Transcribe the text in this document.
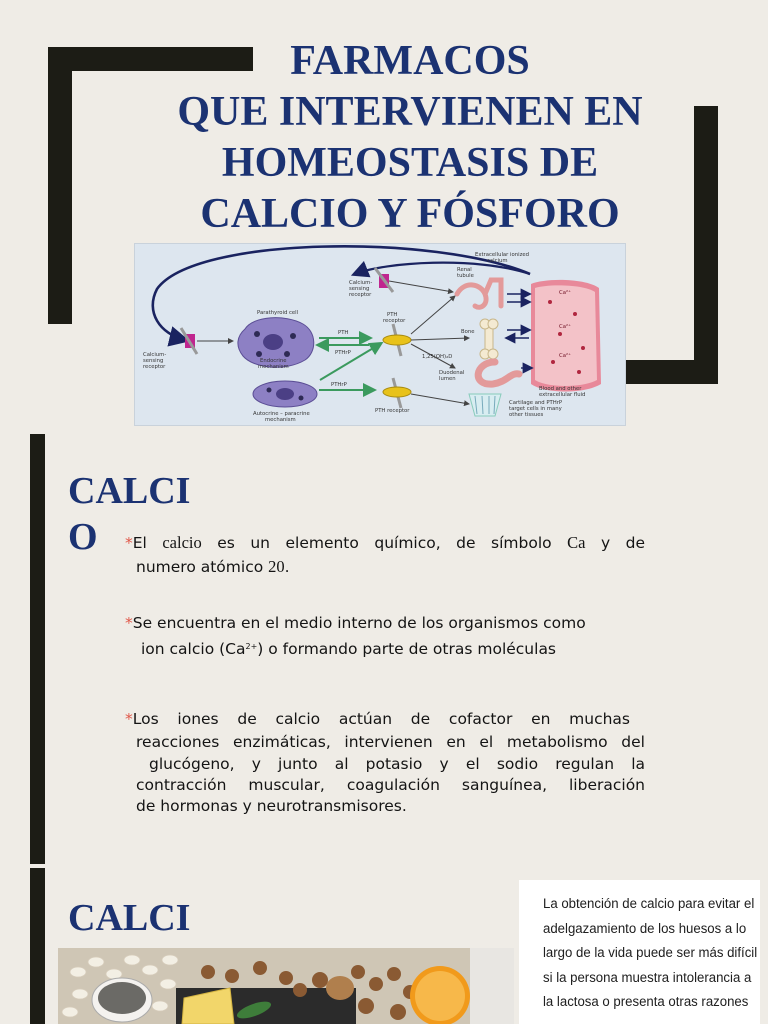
FARMACOS
QUE INTERVIENEN EN
HOMEOSTASIS DE
CALCIO Y FÓSFORO
Extracellular ionized calcium
Calcium-sensing receptor
Calcium-sensing receptor
Renal tubule
Parathyroid cell
Endocrine mechanism
PTH
PTHrP
PTH receptor
Bone
1,25(OH)₂D
Duodenal lumen
PTHrP
Autocrine – paracrine mechanism
PTH receptor
Blood and other extracellular fluid
Cartilage and PTHrP target cells in many other tissues
Ca²⁺
Ca²⁺
Ca²⁺
CALCI
O	*El calcio es un elemento químico, de símbolo Ca y de

numero atómico 20.

*Se encuentra en el medio interno de los organismos como

ion calcio $(Ca^{2+})$ o formando parte de otras moléculas

*Los iones de calcio actúan de cofactor en muchas

reacciones enzimáticas, intervienen en el metabolismo del

glucógeno, y junto al potasio y el sodio regulan la

contracción muscular, coagulación sanguínea, liberación

de hormonas y neurotransmisores.

CALCI	La obtención de calcio para evitar el
adelgazamiento de los huesos a lo
largo de la vida puede ser más difícil
si la persona muestra intolerancia a
la lactosa o presenta otras razones
